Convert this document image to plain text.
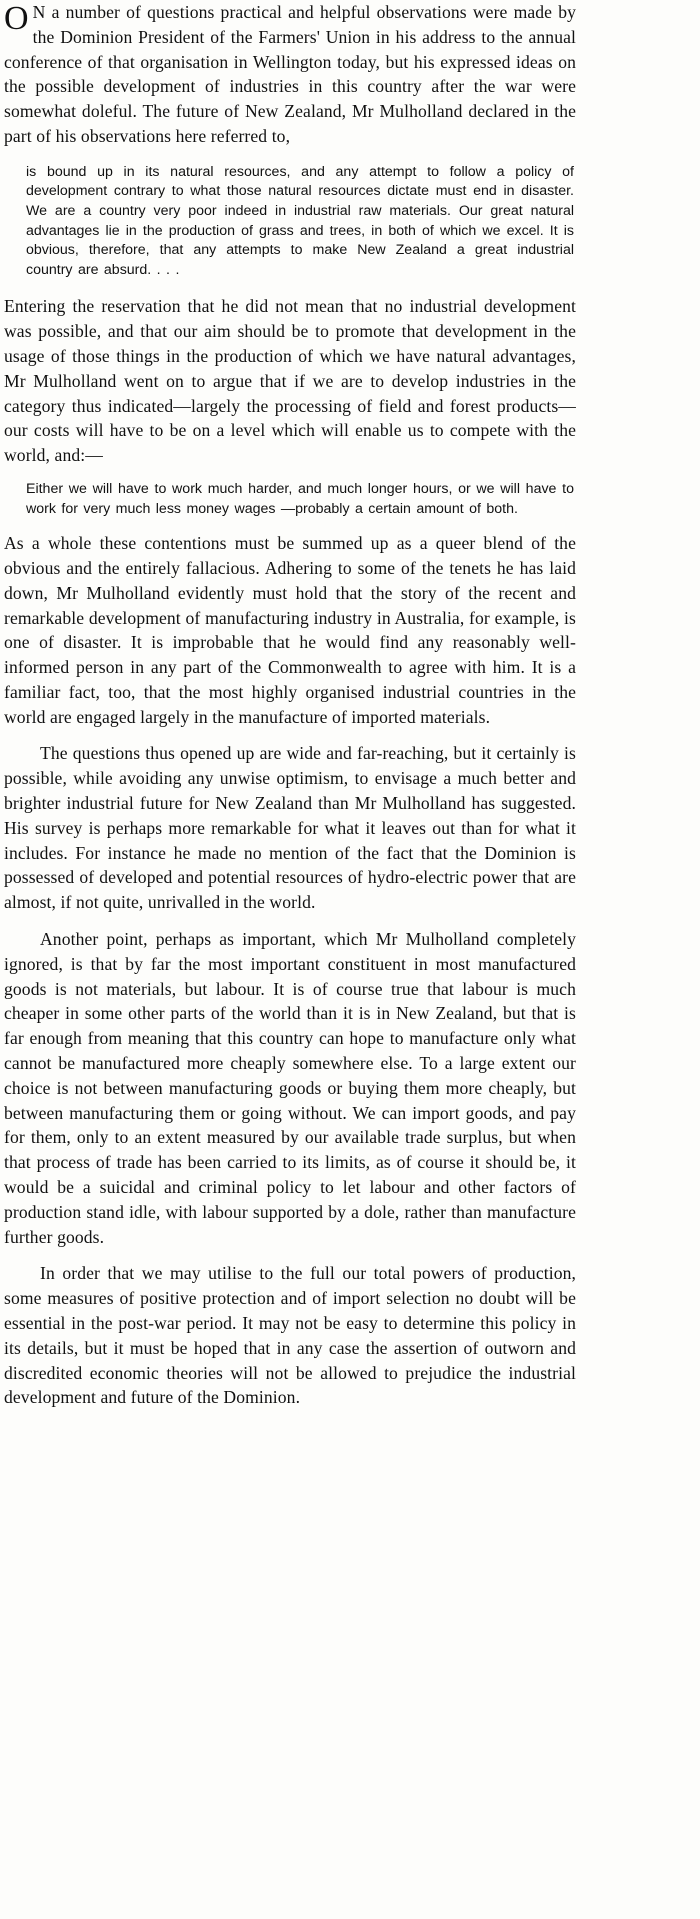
O N a number of questions practical and helpful observations were made by the Dominion President of the Farmers' Union in his address to the annual conference of that organisation in Wellington today, but his expressed ideas on the possible development of industries in this country after the war were somewhat doleful. The future of New Zealand, Mr Mulholland declared in the part of his observations here referred to,

is bound up in its natural resources, and any attempt to follow a policy of development contrary to what those natural resources dictate must end in disaster. We are a country very poor indeed in industrial raw materials. Our great natural advantages lie in the production of grass and trees, in both of which we excel. It is obvious, therefore, that any attempts to make New Zealand a great industrial country are absurd. . . .

Entering the reservation that he did not mean that no industrial development was possible, and that our aim should be to promote that development in the usage of those things in the production of which we have natural advantages, Mr Mulholland went on to argue that if we are to develop industries in the category thus indicated—largely the processing of field and forest products—our costs will have to be on a level which will enable us to compete with the world, and:—

Either we will have to work much harder, and much longer hours, or we will have to work for very much less money wages —probably a certain amount of both.

As a whole these contentions must be summed up as a queer blend of the obvious and the entirely fallacious. Adhering to some of the tenets he has laid down, Mr Mulholland evidently must hold that the story of the recent and remarkable development of manufacturing industry in Australia, for example, is one of disaster. It is improbable that he would find any reasonably well-informed person in any part of the Commonwealth to agree with him. It is a familiar fact, too, that the most highly organised industrial countries in the world are engaged largely in the manufacture of imported materials.

The questions thus opened up are wide and far-reaching, but it certainly is possible, while avoiding any unwise optimism, to envisage a much better and brighter industrial future for New Zealand than Mr Mulholland has suggested. His survey is perhaps more remarkable for what it leaves out than for what it includes. For instance he made no mention of the fact that the Dominion is possessed of developed and potential resources of hydro-electric power that are almost, if not quite, unrivalled in the world.

Another point, perhaps as important, which Mr Mulholland completely ignored, is that by far the most important constituent in most manufactured goods is not materials, but labour. It is of course true that labour is much cheaper in some other parts of the world than it is in New Zealand, but that is far enough from meaning that this country can hope to manufacture only what cannot be manufactured more cheaply somewhere else. To a large extent our choice is not between manufacturing goods or buying them more cheaply, but between manufacturing them or going without. We can import goods, and pay for them, only to an extent measured by our available trade surplus, but when that process of trade has been carried to its limits, as of course it should be, it would be a suicidal and criminal policy to let labour and other factors of production stand idle, with labour supported by a dole, rather than manufacture further goods.

In order that we may utilise to the full our total powers of production, some measures of positive protection and of import selection no doubt will be essential in the post-war period. It may not be easy to determine this policy in its details, but it must be hoped that in any case the assertion of outworn and discredited economic theories will not be allowed to prejudice the industrial development and future of the Dominion.
